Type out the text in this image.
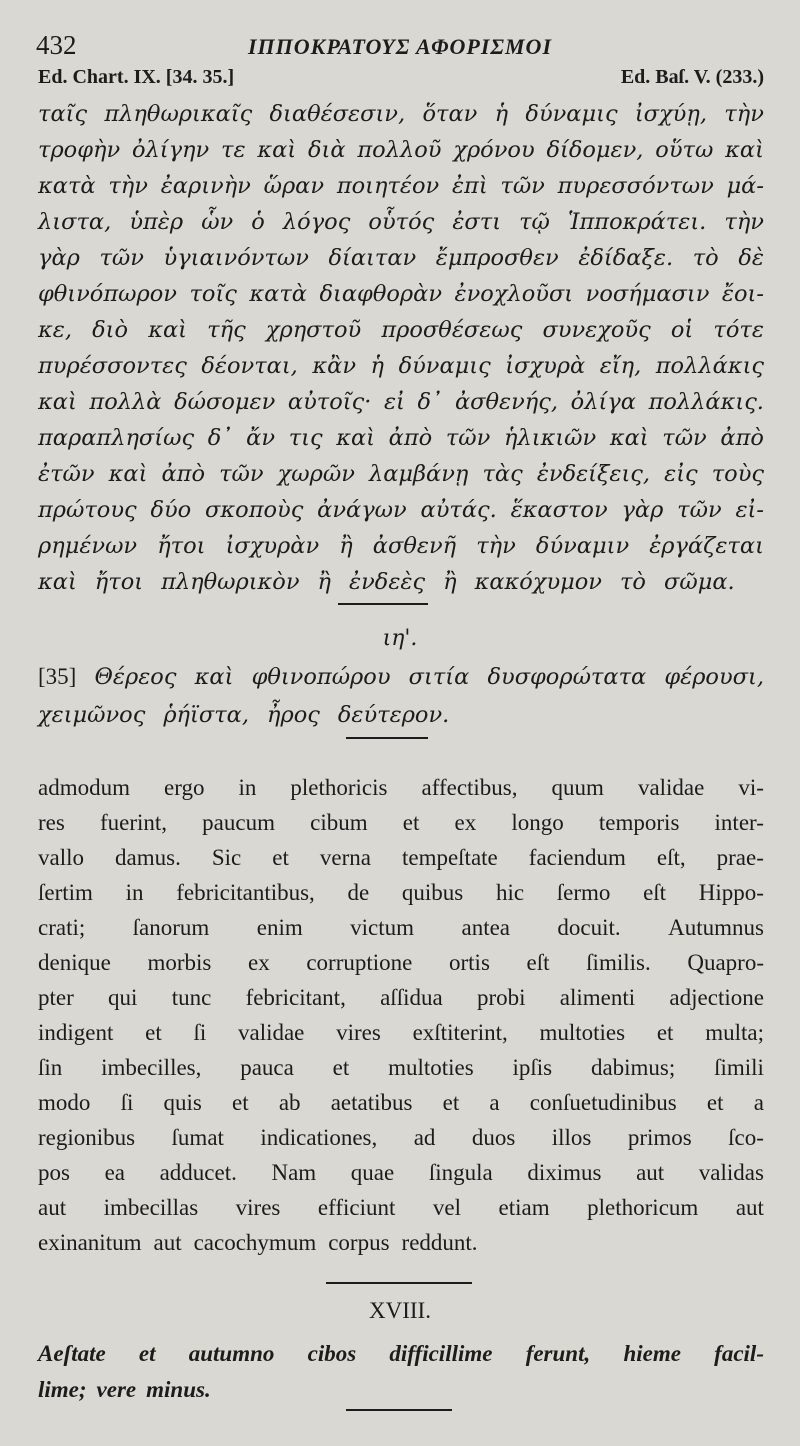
432	ΙΠΠΟΚΡΑΤΟΥΣ ΑΦΟΡΙΣΜΟΙ
Ed. Chart. IX. [34. 35.]	Ed. Baſ. V. (233.)
ταῖς πληθωρικαῖς διαθέσεσιν, ὅταν ἡ δύναμις ἰσχύῃ, τὴν
τροφὴν ὀλίγην τε καὶ διὰ πολλοῦ χρόνου δίδομεν, οὕτω καὶ
κατὰ τὴν ἐαρινὴν ὥραν ποιητέον ἐπὶ τῶν πυρεσσόντων μά-
λιστα, ὑπὲρ ὧν ὁ λόγος οὗτός ἐστι τῷ Ἱπποκράτει. τὴν
γὰρ τῶν ὑγιαινόντων δίαιταν ἔμπροσθεν ἐδίδαξε. τὸ δὲ
φθινόπωρον τοῖς κατὰ διαφθορὰν ἐνοχλοῦσι νοσήμασιν ἔοι-
κε, διὸ καὶ τῆς χρηστοῦ προσθέσεως συνεχοῦς οἱ τότε
πυρέσσοντες δέονται, κἂν ἡ δύναμις ἰσχυρὰ εἴη, πολλάκις
καὶ πολλὰ δώσομεν αὐτοῖς· εἰ δ᾽ ἀσθενής, ὀλίγα πολλάκις.
παραπλησίως δ᾽ ἄν τις καὶ ἀπὸ τῶν ἡλικιῶν καὶ τῶν ἀπὸ
ἐτῶν καὶ ἀπὸ τῶν χωρῶν λαμβάνῃ τὰς ἐνδείξεις, εἰς τοὺς
πρώτους δύο σκοποὺς ἀνάγων αὐτάς. ἕκαστον γὰρ τῶν εἰ-
ρημένων ἤτοι ἰσχυρὰν ἢ ἀσθενῆ τὴν δύναμιν ἐργάζεται
καὶ ἤτοι πληθωρικὸν ἢ ἐνδεὲς ἢ κακόχυμον τὸ σῶμα.
ιη'.
[35] Θέρεος καὶ φθινοπώρου σιτία δυσφορώτατα φέρουσι,
χειμῶνος ῥήϊστα, ἦρος δεύτερον.
admodum ergo in plethoricis affectibus, quum validae vi-
res fuerint, paucum cibum et ex longo temporis inter-
vallo damus. Sic et verna tempeſtate faciendum eſt, prae-
ſertim in febricitantibus, de quibus hic ſermo eſt Hippo-
crati; ſanorum enim victum antea docuit. Autumnus
denique morbis ex corruptione ortis eſt ſimilis. Quapro-
pter qui tunc febricitant, aſſidua probi alimenti adjectione
indigent et ſi validae vires exſtiterint, multoties et multa;
ſin imbecilles, pauca et multoties ipſis dabimus; ſimili
modo ſi quis et ab aetatibus et a conſuetudinibus et a
regionibus ſumat indicationes, ad duos illos primos ſco-
pos ea adducet. Nam quae ſingula diximus aut validas
aut imbecillas vires efficiunt vel etiam plethoricum aut
exinanitum aut cacochymum corpus reddunt.
XVIII.
Aeſtate et autumno cibos difficillime ferunt, hieme facil-
lime; vere minus.
